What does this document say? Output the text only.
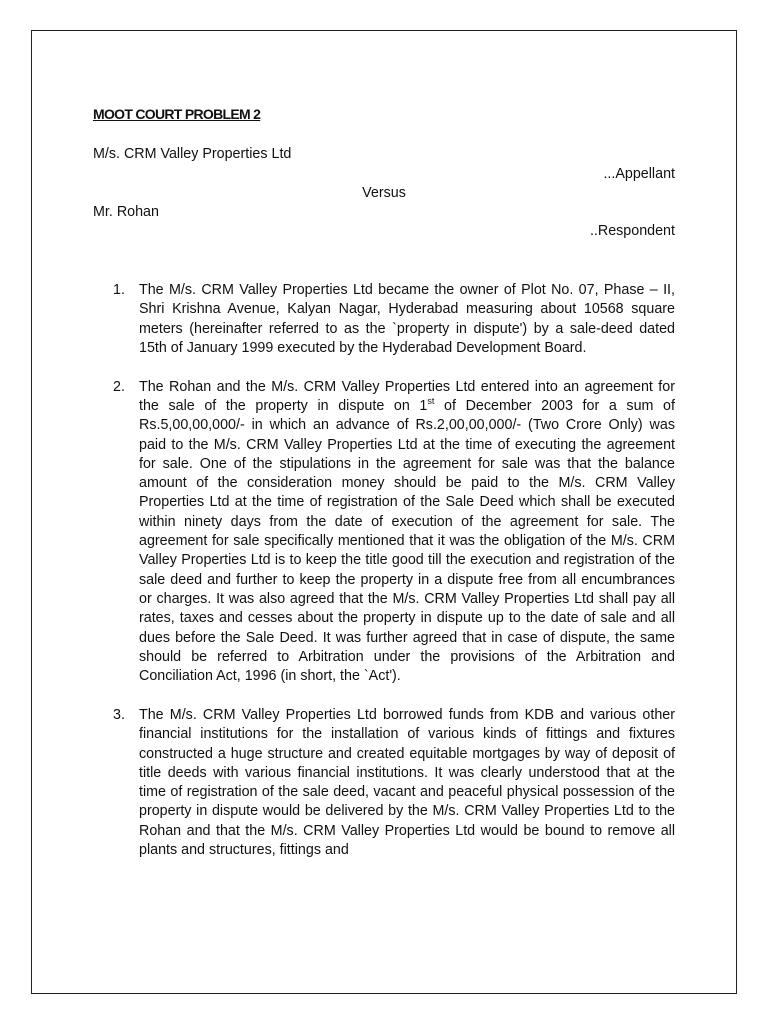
MOOT COURT PROBLEM 2

M/s. CRM Valley Properties Ltd

...Appellant

Versus

Mr. Rohan

..Respondent

1. The M/s. CRM Valley Properties Ltd became the owner of Plot No. 07, Phase – II, Shri Krishna Avenue, Kalyan Nagar, Hyderabad measuring about 10568 square meters (hereinafter referred to as the `property in dispute') by a sale-deed dated 15th of January 1999 executed by the Hyderabad Development Board.
2. The Rohan and the M/s. CRM Valley Properties Ltd entered into an agreement for the sale of the property in dispute on 1st of December 2003 for a sum of Rs.5,00,00,000/- in which an advance of Rs.2,00,00,000/- (Two Crore Only) was paid to the M/s. CRM Valley Properties Ltd at the time of executing the agreement for sale. One of the stipulations in the agreement for sale was that the balance amount of the consideration money should be paid to the M/s. CRM Valley Properties Ltd at the time of registration of the Sale Deed which shall be executed within ninety days from the date of execution of the agreement for sale. The agreement for sale specifically mentioned that it was the obligation of the M/s. CRM Valley Properties Ltd is to keep the title good till the execution and registration of the sale deed and further to keep the property in a dispute free from all encumbrances or charges. It was also agreed that the M/s. CRM Valley Properties Ltd shall pay all rates, taxes and cesses about the property in dispute up to the date of sale and all dues before the Sale Deed. It was further agreed that in case of dispute, the same should be referred to Arbitration under the provisions of the Arbitration and Conciliation Act, 1996 (in short, the `Act').
3. The M/s. CRM Valley Properties Ltd borrowed funds from KDB and various other financial institutions for the installation of various kinds of fittings and fixtures constructed a huge structure and created equitable mortgages by way of deposit of title deeds with various financial institutions. It was clearly understood that at the time of registration of the sale deed, vacant and peaceful physical possession of the property in dispute would be delivered by the M/s. CRM Valley Properties Ltd to the Rohan and that the M/s. CRM Valley Properties Ltd would be bound to remove all plants and structures, fittings and
